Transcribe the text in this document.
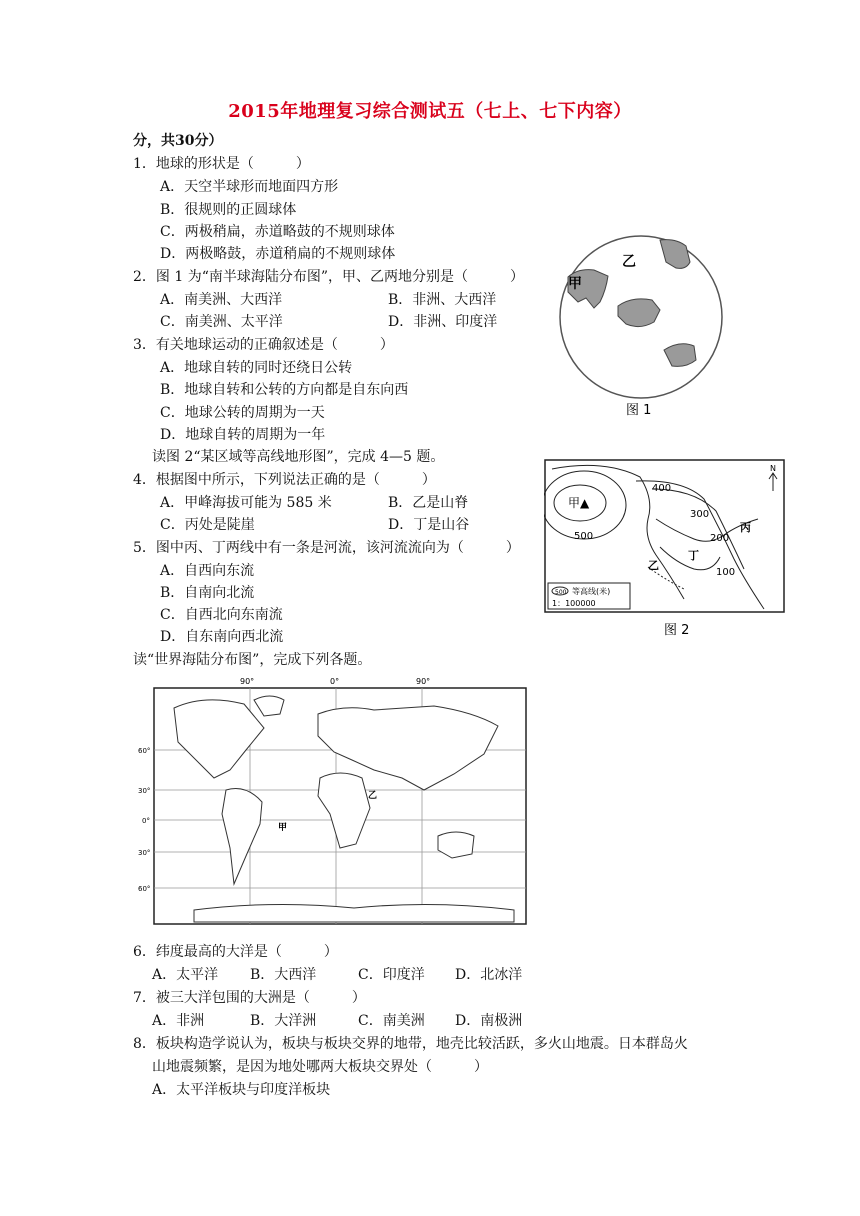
2015年地理复习综合测试五（七上、七下内容）
分，共30分）
1．地球的形状是（　　　）
A．天空半球形而地面四方形
B．很规则的正圆球体
C．两极稍扁，赤道略鼓的不规则球体
D．两极略鼓，赤道稍扁的不规则球体
2．图 1 为“南半球海陆分布图”，甲、乙两地分别是（　　　）
A．南美洲、大西洋	B．非洲、大西洋
C．南美洲、太平洋	D．非洲、印度洋
3．有关地球运动的正确叙述是（　　　）
A．地球自转的同时还绕日公转
B．地球自转和公转的方向都是自东向西
C．地球公转的周期为一天
D．地球自转的周期为一年
读图 2“某区域等高线地形图”，完成 4—5 题。
4．根据图中所示，下列说法正确的是（　　　）
A．甲峰海拔可能为 585 米	B．乙是山脊
C．丙处是陡崖	D．丁是山谷
5．图中丙、丁两线中有一条是河流，该河流流向为（　　　）
A．自西向东流
B．自南向北流
C．自西北向东南流
D．自东南向西北流
读“世界海陆分布图”，完成下列各题。
6．纬度最高的大洋是（　　　）
A．太平洋 B．大西洋	C．印度洋 D．北冰洋
7．被三大洋包围的大洲是（　　　）
A．非洲	B．大洋洲	C．南美洲 D．南极洲
8．板块构造学说认为，板块与板块交界的地带，地壳比较活跃，多火山地震。日本群岛火
山地震频繁，是因为地处哪两大板块交界处（　　　）
A．太平洋板块与印度洋板块
甲
乙
图 1
甲▲
400
300
200
100
500
乙
丙
丁
N
500 等高线(米)
1：100000
图 2
90°	0°	90°
60°
30°
0°
30°
60°
甲
乙
